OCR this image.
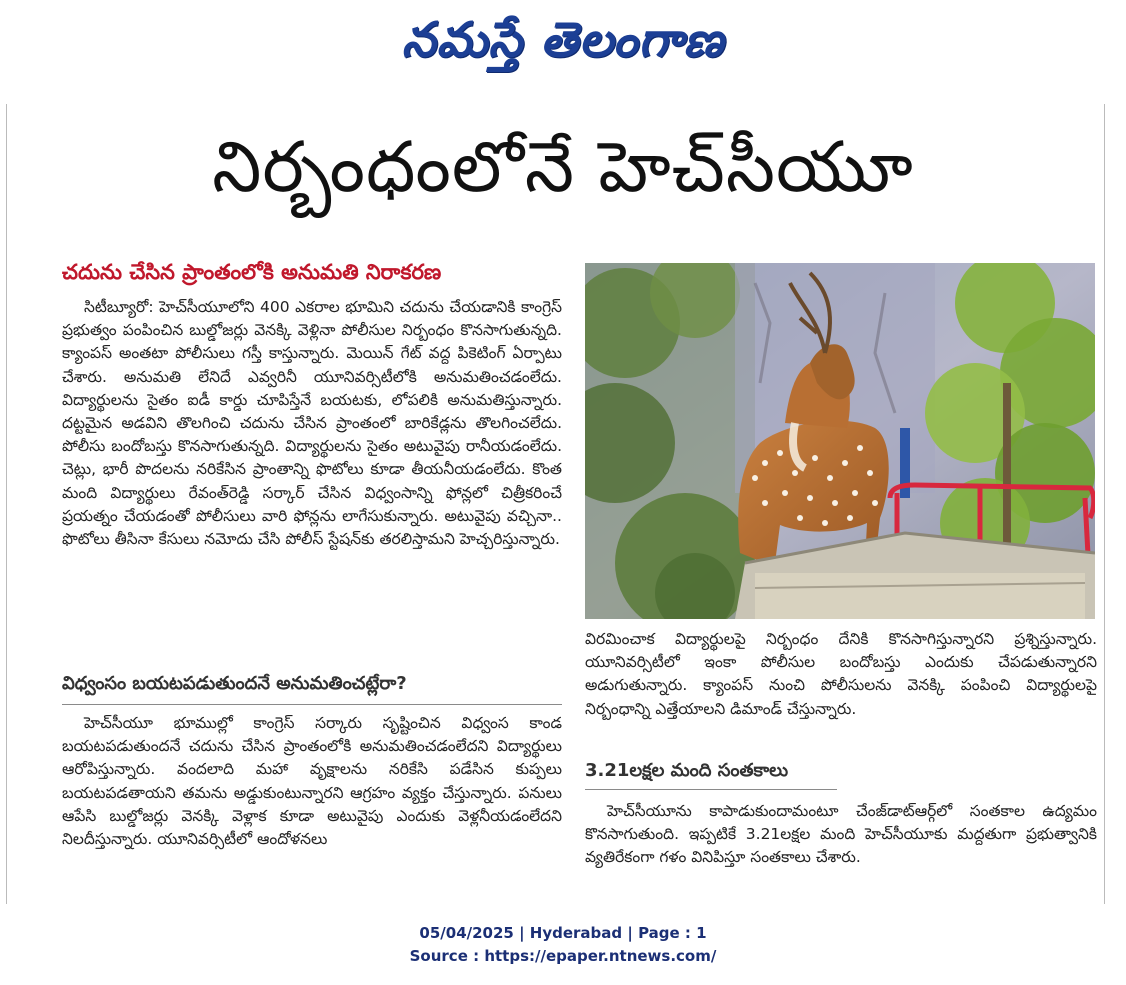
నమస్తే తెలంగాణ
నిర్బంధంలోనే హెచ్‌సీయూ
చదును చేసిన ప్రాంతంలోకి అనుమతి నిరాకరణ

సిటీబ్యూరో: హెచ్‌సీయూలోని 400 ఎకరాల భూమిని చదును చేయడానికి కాంగ్రెస్ ప్రభుత్వం పంపించిన బుల్డోజర్లు వెనక్కి వెళ్లినా పోలీసుల నిర్బంధం కొనసాగుతున్నది. క్యాంపస్ అంతటా పోలీసులు గస్తీ కాస్తున్నారు. మెయిన్ గేట్ వద్ద పికెటింగ్ ఏర్పాటు చేశారు. అనుమతి లేనిదే ఎవ్వరినీ యూనివర్సిటీలోకి అనుమతించడంలేదు. విద్యార్థులను సైతం ఐడీ కార్డు చూపిస్తేనే బయటకు, లోపలికి అనుమతిస్తున్నారు. దట్టమైన అడవిని తొలగించి చదును చేసిన ప్రాంతంలో బారికేడ్లను తొలగించలేదు. పోలీసు బందోబస్తు కొనసాగుతున్నది. విద్యార్థులను సైతం అటువైపు రానీయడంలేదు. చెట్లు, భారీ పొదలను నరికేసిన ప్రాంతాన్ని ఫొటోలు కూడా తీయనీయడంలేదు. కొంత మంది విద్యార్థులు రేవంత్‌రెడ్డి సర్కార్ చేసిన విధ్వంసాన్ని ఫోన్లలో చిత్రీకరించే ప్రయత్నం చేయడంతో పోలీసులు వారి ఫోన్లను లాగేసుకున్నారు. అటువైపు వచ్చినా.. ఫొటోలు తీసినా కేసులు నమోదు చేసి పోలీస్ స్టేషన్‌కు తరలిస్తామని హెచ్చరిస్తున్నారు.

విధ్వంసం బయటపడుతుందనే అనుమతించట్లేరా?

హెచ్‌సీయూ భూముల్లో కాంగ్రెస్ సర్కారు సృష్టించిన విధ్వంస కాండ బయటపడుతుందనే చదును చేసిన ప్రాంతంలోకి అనుమతించడంలేదని విద్యార్థులు ఆరోపిస్తున్నారు. వందలాది మహా వృక్షాలను నరికేసి పడేసిన కుప్పలు బయటపడతాయని తమను అడ్డుకుంటున్నారని ఆగ్రహం వ్యక్తం చేస్తున్నారు. పనులు ఆపేసి బుల్డోజర్లు వెనక్కి వెళ్లాక కూడా అటువైపు ఎందుకు వెళ్లనీయడంలేదని నిలదీస్తున్నారు. యూనివర్సిటీలో ఆందోళనలు

విరమించాక విద్యార్థులపై నిర్బంధం దేనికి కొనసాగిస్తున్నారని ప్రశ్నిస్తున్నారు. యూనివర్సిటీలో ఇంకా పోలీసుల బందోబస్తు ఎందుకు చేపడుతున్నారని అడుగుతున్నారు. క్యాంపస్ నుంచి పోలీసులను వెనక్కి పంపించి విద్యార్థులపై నిర్బంధాన్ని ఎత్తేయాలని డిమాండ్ చేస్తున్నారు.

3.21లక్షల మంది సంతకాలు

హెచ్‌సీయూను కాపాడుకుందామంటూ చేంజ్‌డాట్‌ఆర్గ్‌లో సంతకాల ఉద్యమం కొనసాగుతుంది. ఇప్పటికే 3.21లక్షల మంది హెచ్‌సీయూకు మద్దతుగా ప్రభుత్వానికి వ్యతిరేకంగా గళం వినిపిస్తూ సంతకాలు చేశారు.

05/04/2025 | Hyderabad | Page : 1
Source : https://epaper.ntnews.com/
